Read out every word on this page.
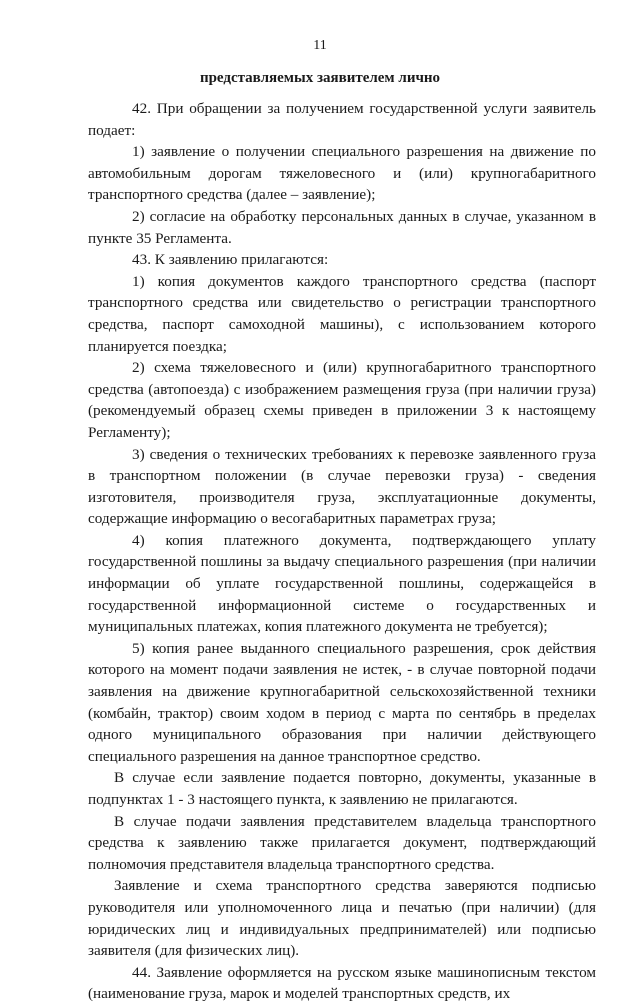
11
представляемых заявителем лично

42. При обращении за получением государственной услуги заявитель подает:

1) заявление о получении специального разрешения на движение по автомобильным дорогам тяжеловесного и (или) крупногабаритного транспортного средства (далее – заявление);

2) согласие на обработку персональных данных в случае, указанном в пункте 35 Регламента.

43. К заявлению прилагаются:

1) копия документов каждого транспортного средства (паспорт транспортного средства или свидетельство о регистрации транспортного средства, паспорт самоходной машины), с использованием которого планируется поездка;

2) схема тяжеловесного и (или) крупногабаритного транспортного средства (автопоезда) с изображением размещения груза (при наличии груза) (рекомендуемый образец схемы приведен в приложении 3 к настоящему Регламенту);

3) сведения о технических требованиях к перевозке заявленного груза в транспортном положении (в случае перевозки груза) - сведения изготовителя, производителя груза, эксплуатационные документы, содержащие информацию о весогабаритных параметрах груза;

4) копия платежного документа, подтверждающего уплату государственной пошлины за выдачу специального разрешения (при наличии информации об уплате государственной пошлины, содержащейся в государственной информационной системе о государственных и муниципальных платежах, копия платежного документа не требуется);

5) копия ранее выданного специального разрешения, срок действия которого на момент подачи заявления не истек, - в случае повторной подачи заявления на движение крупногабаритной сельскохозяйственной техники (комбайн, трактор) своим ходом в период с марта по сентябрь в пределах одного муниципального образования при наличии действующего специального разрешения на данное транспортное средство.

В случае если заявление подается повторно, документы, указанные в подпунктах 1 - 3 настоящего пункта, к заявлению не прилагаются.

В случае подачи заявления представителем владельца транспортного средства к заявлению также прилагается документ, подтверждающий полномочия представителя владельца транспортного средства.

Заявление и схема транспортного средства заверяются подписью руководителя или уполномоченного лица и печатью (при наличии) (для юридических лиц и индивидуальных предпринимателей) или подписью заявителя (для физических лиц).

44. Заявление оформляется на русском языке машинописным текстом (наименование груза, марок и моделей транспортных средств, их
